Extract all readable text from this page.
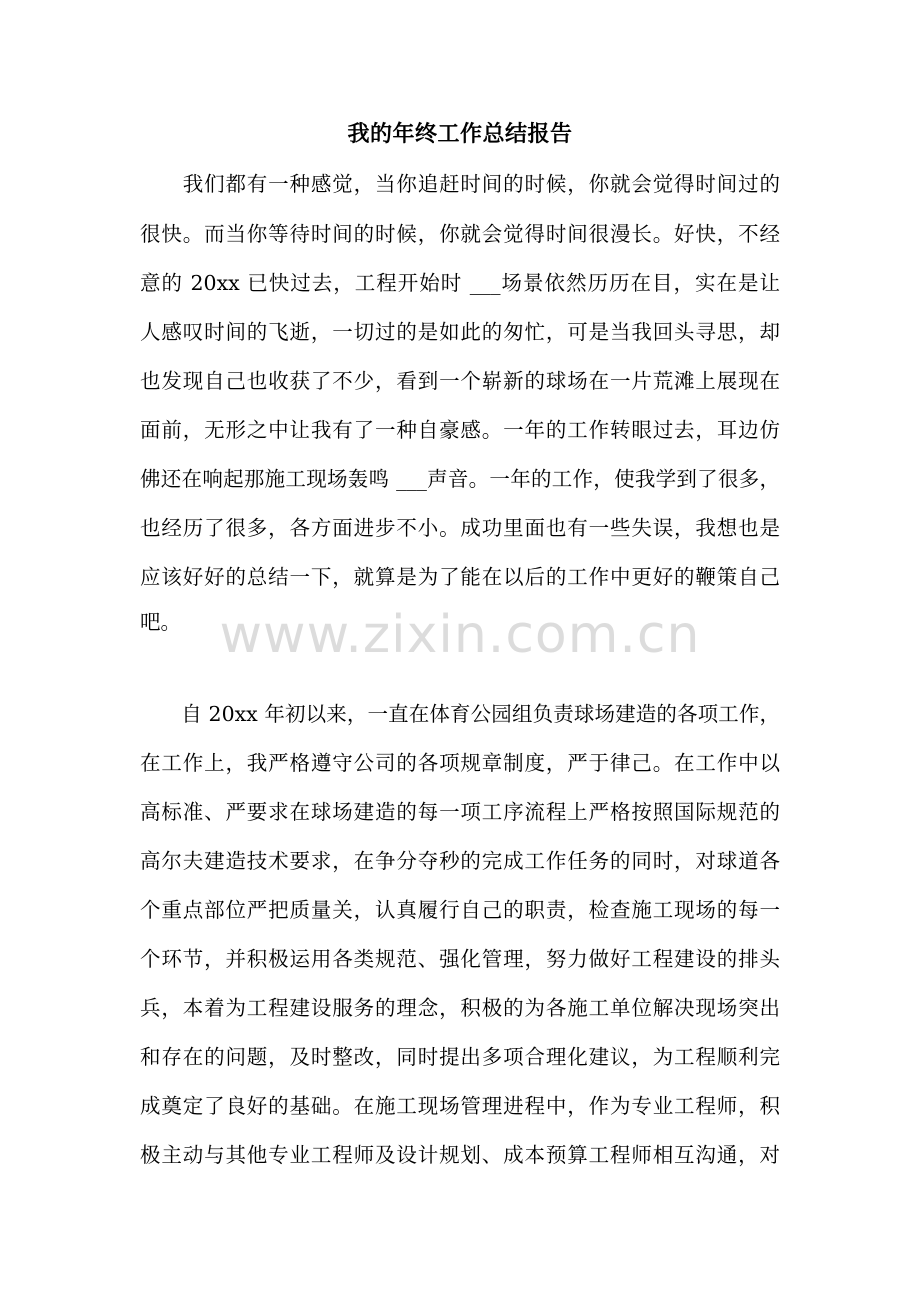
我的年终工作总结报告
　　我们都有一种感觉，当你追赶时间的时候，你就会觉得时间过的
很快。而当你等待时间的时候，你就会觉得时间很漫长。好快，不经
意的 20xx 已快过去，工程开始时 ___场景依然历历在目，实在是让
人感叹时间的飞逝，一切过的是如此的匆忙，可是当我回头寻思，却
也发现自己也收获了不少，看到一个崭新的球场在一片荒滩上展现在
面前，无形之中让我有了一种自豪感。一年的工作转眼过去，耳边仿
佛还在响起那施工现场轰鸣 ___声音。一年的工作，使我学到了很多，
也经历了很多，各方面进步不小。成功里面也有一些失误，我想也是
应该好好的总结一下，就算是为了能在以后的工作中更好的鞭策自己
吧。 www.zixin.com.cn
　　自 20xx 年初以来，一直在体育公园组负责球场建造的各项工作，
在工作上，我严格遵守公司的各项规章制度，严于律己。在工作中以
高标准、严要求在球场建造的每一项工序流程上严格按照国际规范的
高尔夫建造技术要求，在争分夺秒的完成工作任务的同时，对球道各
个重点部位严把质量关，认真履行自己的职责，检查施工现场的每一
个环节，并积极运用各类规范、强化管理，努力做好工程建设的排头
兵，本着为工程建设服务的理念，积极的为各施工单位解决现场突出
和存在的问题，及时整改，同时提出多项合理化建议，为工程顺利完
成奠定了良好的基础。在施工现场管理进程中，作为专业工程师，积
极主动与其他专业工程师及设计规划、成本预算工程师相互沟通，对
